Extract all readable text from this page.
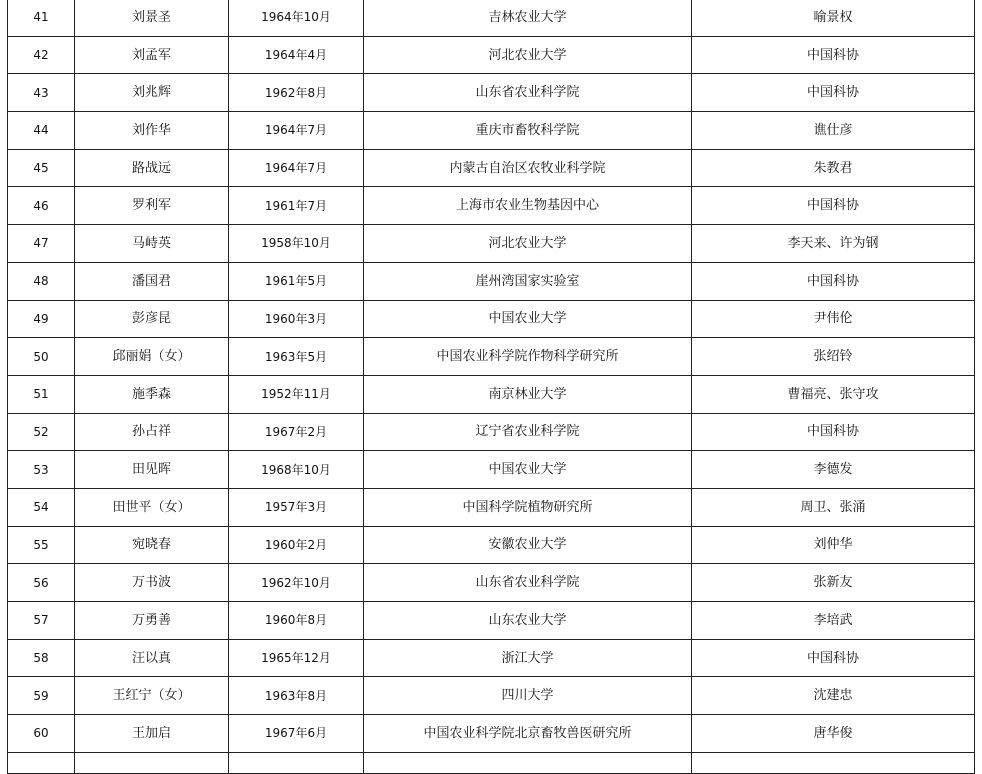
41	刘景圣	1964年10月	吉林农业大学	喻景权
42	刘孟军	1964年4月	河北农业大学	中国科协
43	刘兆辉	1962年8月	山东省农业科学院	中国科协
44	刘作华	1964年7月	重庆市畜牧科学院	谯仕彦
45	路战远	1964年7月	内蒙古自治区农牧业科学院	朱教君
46	罗利军	1961年7月	上海市农业生物基因中心	中国科协
47	马峙英	1958年10月	河北农业大学	李天来、许为钢
48	潘国君	1961年5月	崖州湾国家实验室	中国科协
49	彭彦昆	1960年3月	中国农业大学	尹伟伦
50	邱丽娟（女）	1963年5月	中国农业科学院作物科学研究所	张绍铃
51	施季森	1952年11月	南京林业大学	曹福亮、张守攻
52	孙占祥	1967年2月	辽宁省农业科学院	中国科协
53	田见晖	1968年10月	中国农业大学	李德发
54	田世平（女）	1957年3月	中国科学院植物研究所	周卫、张涌
55	宛晓春	1960年2月	安徽农业大学	刘仲华
56	万书波	1962年10月	山东省农业科学院	张新友
57	万勇善	1960年8月	山东农业大学	李培武
58	汪以真	1965年12月	浙江大学	中国科协
59	王红宁（女）	1963年8月	四川大学	沈建忠
60	王加启	1967年6月	中国农业科学院北京畜牧兽医研究所	唐华俊
